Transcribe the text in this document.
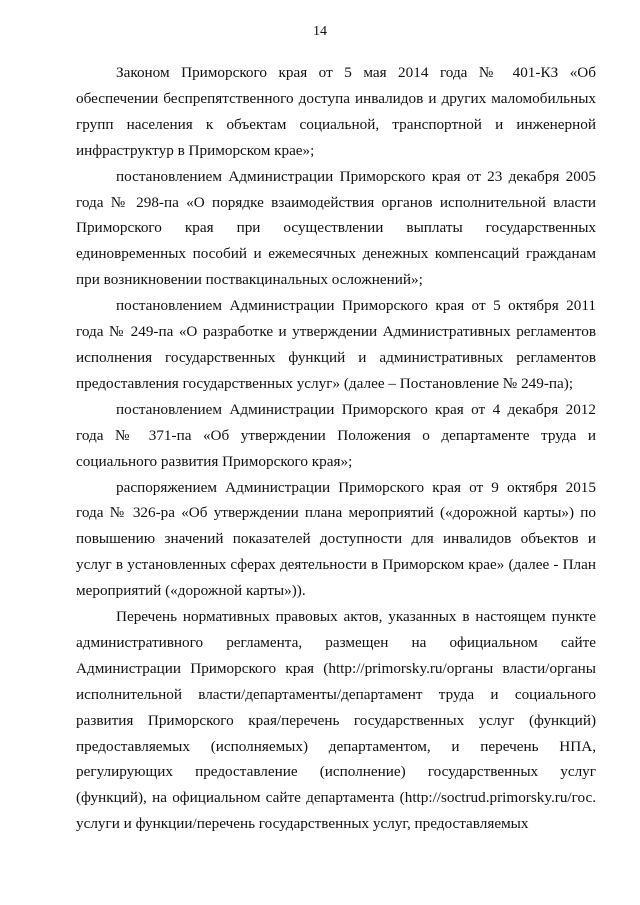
14

Законом Приморского края от 5 мая 2014 года № 401-КЗ «Об обеспечении беспрепятственного доступа инвалидов и других маломобильных групп населения к объектам социальной, транспортной и инженерной инфраструктур в Приморском крае»;

постановлением Администрации Приморского края от 23 декабря 2005 года № 298-па «О порядке взаимодействия органов исполнительной власти Приморского края при осуществлении выплаты государственных единовременных пособий и ежемесячных денежных компенсаций гражданам при возникновении поствакцинальных осложнений»;

постановлением Администрации Приморского края от 5 октября 2011 года № 249-па «О разработке и утверждении Административных регламентов исполнения государственных функций и административных регламентов предоставления государственных услуг» (далее – Постановление № 249-па);

постановлением Администрации Приморского края от 4 декабря 2012 года № 371-па «Об утверждении Положения о департаменте труда и социального развития Приморского края»;

распоряжением Администрации Приморского края от 9 октября 2015 года № 326-ра «Об утверждении плана мероприятий («дорожной карты») по повышению значений показателей доступности для инвалидов объектов и услуг в установленных сферах деятельности в Приморском крае» (далее - План мероприятий («дорожной карты»)).

Перечень нормативных правовых актов, указанных в настоящем пункте административного регламента, размещен на официальном сайте Администрации Приморского края (http://primorsky.ru/органы власти/органы исполнительной власти/департаменты/департамент труда и социального развития Приморского края/перечень государственных услуг (функций) предоставляемых (исполняемых) департаментом, и перечень НПА, регулирующих предоставление (исполнение) государственных услуг (функций), на официальном сайте департамента (http://soctrud.primorsky.ru/гос. услуги и функции/перечень государственных услуг, предоставляемых
